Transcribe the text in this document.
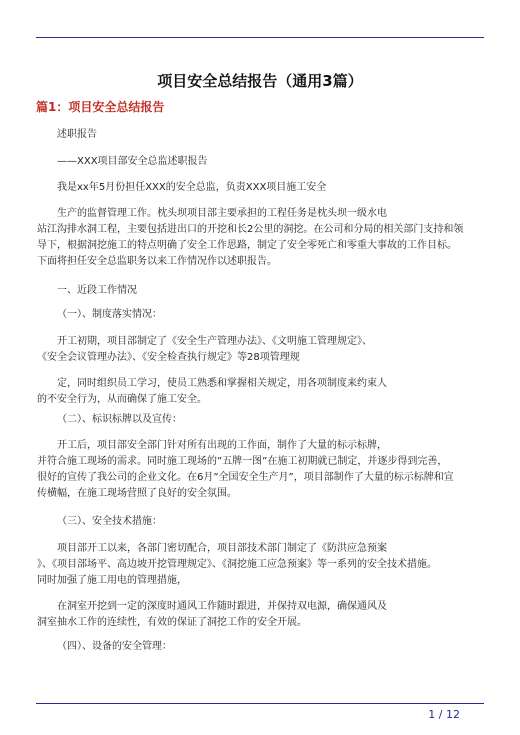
项目安全总结报告（通用3篇）
篇1：项目安全总结报告
述职报告
——XXX项目部安全总监述职报告
我是xx年5月份担任XXX的安全总监，负责XXX项目施工安全
生产的监督管理工作。枕头坝项目部主要承担的工程任务是枕头坝一级水电
站江沟排水洞工程，主要包括进出口的开挖和长2公里的洞挖。在公司和分局的相关部门支持和领
导下，根据洞挖施工的特点明确了安全工作思路，制定了安全零死亡和零重大事故的工作目标。
下面将担任安全总监职务以来工作情况作以述职报告。
一、近段工作情况
（一）、制度落实情况：
开工初期，项目部制定了《安全生产管理办法》、《文明施工管理规定》、
《安全会议管理办法》、《安全检查执行规定》等28项管理规
定，同时组织员工学习，使员工熟悉和掌握相关规定，用各项制度来约束人
的不安全行为，从而确保了施工安全。
（二）、标识标牌以及宣传：
开工后，项目部安全部门针对所有出现的工作面，制作了大量的标示标牌，
并符合施工现场的需求。同时施工现场的”五牌一图”在施工初期就已制定，并逐步得到完善，
很好的宣传了我公司的企业文化。在6月”全国安全生产月”，项目部制作了大量的标示标牌和宣
传横幅，在施工现场营照了良好的安全氛围。
（三）、安全技术措施：
项目部开工以来，各部门密切配合，项目部技术部门制定了《防洪应急预案
》、《项目部场平、高边坡开挖管理规定》、《洞挖施工应急预案》等一系列的安全技术措施。
同时加强了施工用电的管理措施，
在洞室开挖到一定的深度时通风工作随时跟进，并保持双电源，确保通风及
洞室抽水工作的连续性，有效的保证了洞挖工作的安全开展。
（四）、设备的安全管理：
1 / 12
